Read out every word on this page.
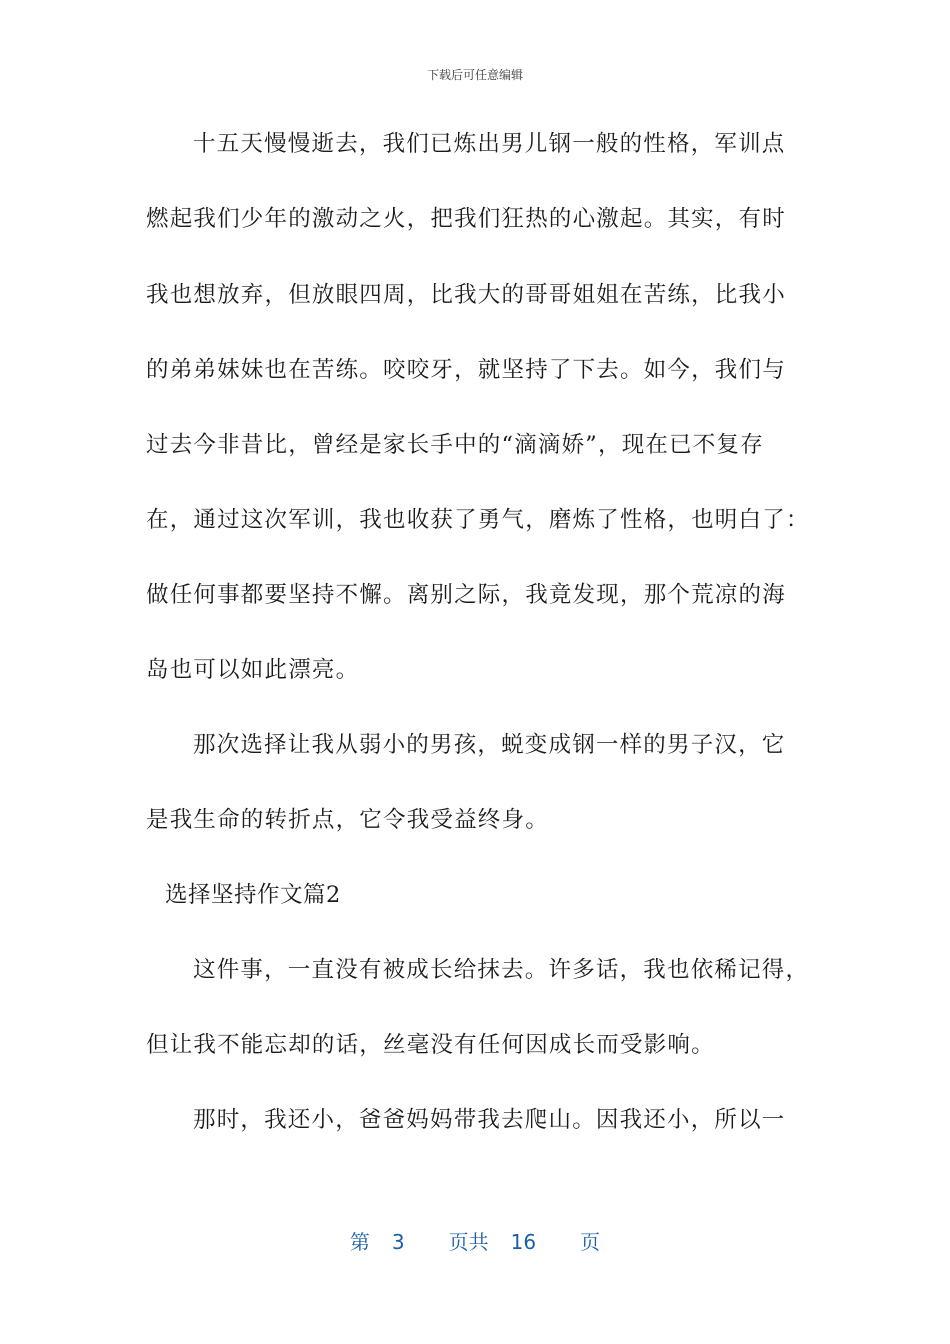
下载后可任意编辑
十五天慢慢逝去，我们已炼出男儿钢一般的性格，军训点
燃起我们少年的激动之火，把我们狂热的心激起。其实，有时
我也想放弃，但放眼四周，比我大的哥哥姐姐在苦练，比我小
的弟弟妹妹也在苦练。咬咬牙，就坚持了下去。如今，我们与
过去今非昔比，曾经是家长手中的“滴滴娇”，现在已不复存
在，通过这次军训，我也收获了勇气，磨炼了性格，也明白了：
做任何事都要坚持不懈。离别之际，我竟发现，那个荒凉的海
岛也可以如此漂亮。
那次选择让我从弱小的男孩，蜕变成钢一样的男子汉，它
是我生命的转折点，它令我受益终身。
选择坚持作文篇2
这件事，一直没有被成长给抹去。许多话，我也依稀记得，
但让我不能忘却的话，丝毫没有任何因成长而受影响。
那时，我还小，爸爸妈妈带我去爬山。因我还小，所以一
第 3 页共 16 页
